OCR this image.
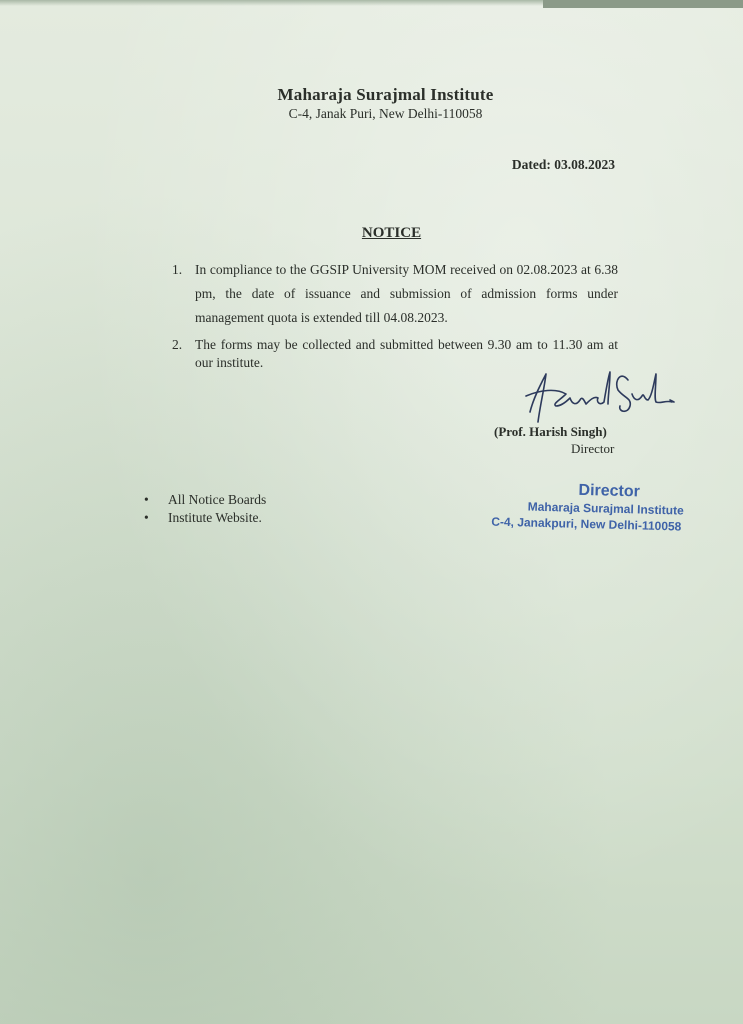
Maharaja Surajmal Institute
C-4, Janak Puri, New Delhi-110058
Dated: 03.08.2023
NOTICE
1. In compliance to the GGSIP University MOM received on 02.08.2023 at 6.38 pm, the date of issuance and submission of admission forms under management quota is extended till 04.08.2023.
2. The forms may be collected and submitted between 9.30 am to 11.30 am at our institute.
(Prof. Harish Singh)
Director
Director
Maharaja Surajmal Institute
C-4, Janakpuri, New Delhi-110058
• All Notice Boards
• Institute Website.
